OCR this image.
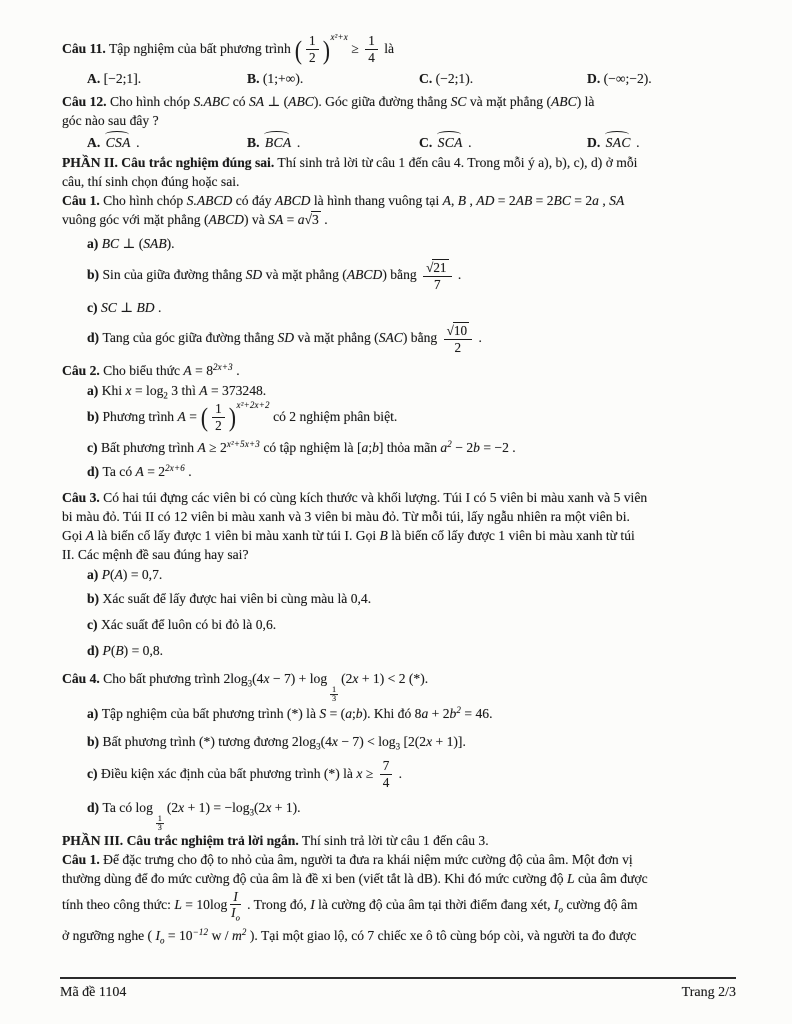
Câu 11. Tập nghiệm của bất phương trình ( $\frac{1}{2} )x^2+x \ge \frac{1}{4}$ là
A. [−2;1].	B. (1;+∞).	C. (−2;1).	D. (−∞;−2).
Câu 12. Cho hình chóp S.ABC có SA ⊥ (ABC). Góc giữa đường thẳng SC và mặt phẳng (ABC) là
góc nào sau đây ?
A. CSA .	B. BCA .	C. SCA .	D. SAC .
PHẦN II. Câu trắc nghiệm đúng sai. Thí sinh trả lời từ câu 1 đến câu 4. Trong mỗi ý a), b), c), d) ở mỗi
câu, thí sinh chọn đúng hoặc sai.
Câu 1. Cho hình chóp S.ABCD có đáy ABCD là hình thang vuông tại A, B , AD = 2AB = 2BC = 2a , SA
vuông góc với mặt phẳng (ABCD) và SA = a√3 .
a) BC ⊥ (SAB).
b) Sin của giữa đường thẳng SD và mặt phẳng (ABCD) bằng $\frac{√21}{7}$ .
c) SC ⊥ BD .
d) Tang của góc giữa đường thẳng SD và mặt phẳng (SAC) bằng $\frac{√10}{2}$ .
Câu 2. Cho biểu thức A = 82x+3 .
a) Khi x = log2 3 thì A = 373248.
b) Phương trình A = ( $\frac{1}{2} )x^2+2x+2$ có 2 nghiệm phân biệt.
c) Bất phương trình A ≥ 2x²+5x+3 có tập nghiệm là [a;b] thỏa mãn a2 − 2b = −2 .
d) Ta có A = 22x+6 .
Câu 3. Có hai túi đựng các viên bi có cùng kích thước và khối lượng. Túi I có 5 viên bi màu xanh và 5 viên
bi màu đỏ. Túi II có 12 viên bi màu xanh và 3 viên bi màu đỏ. Từ mỗi túi, lấy ngẫu nhiên ra một viên bi.
Gọi A là biến cố lấy được 1 viên bi màu xanh từ túi I. Gọi B là biến cố lấy được 1 viên bi màu xanh từ túi
II. Các mệnh đề sau đúng hay sai?
a) P(A) = 0,7.
b) Xác suất để lấy được hai viên bi cùng màu là 0,4.
c) Xác suất để luôn có bi đỏ là 0,6.
d) P(B) = 0,8.
Câu 4. Cho bất phương trình 2log3(4x − 7) + log
$\frac{1}{3}$
(2x + 1) < 2 (*).
a) Tập nghiệm của bất phương trình (*) là S = (a;b). Khi đó 8a + 2b2 = 46.
b) Bất phương trình (*) tương đương 2log3(4x − 7) < log3 [2(2x + 1)].
c) Điều kiện xác định của bất phương trình (*) là $x \ge \frac{7}{4}$ .
d) Ta có log
$\frac{1}{3}$
(2x + 1) = −log3(2x + 1).
PHẦN III. Câu trắc nghiệm trả lời ngắn. Thí sinh trả lời từ câu 1 đến câu 3.
Câu 1. Để đặc trưng cho độ to nhỏ của âm, người ta đưa ra khái niệm mức cường độ của âm. Một đơn vị
thường dùng để đo mức cường độ của âm là đề xi ben (viết tắt là dB). Khi đó mức cường độ L của âm được
tính theo công thức: $L = 10\log \frac{I}{Io}$ . Trong đó, I là cường độ của âm tại thời điểm đang xét, Io cường độ âm
ở ngưỡng nghe ( Io = 10−12 w / m2 ). Tại một giao lộ, có 7 chiếc xe ô tô cùng bóp còi, và người ta đo được
Mã đề 1104	Trang 2/3
